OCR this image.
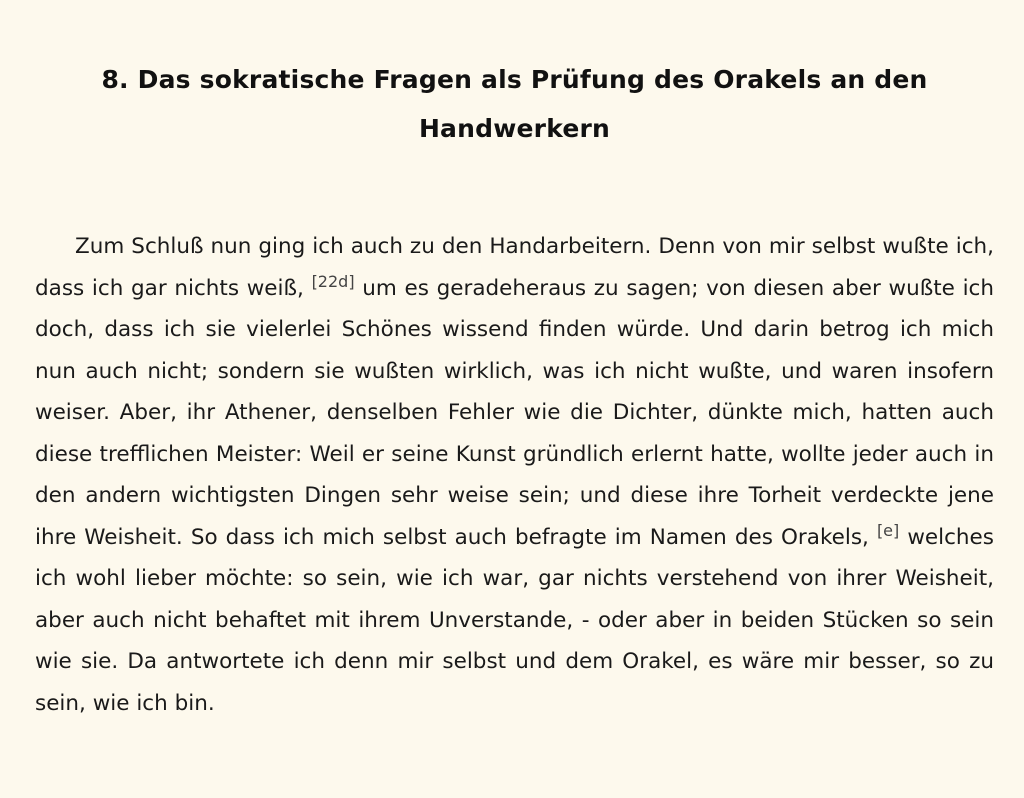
8. Das sokratische Fragen als Prüfung des Orakels an den
Handwerkern

Zum Schluß nun ging ich auch zu den Handarbeitern. Denn von mir selbst wußte ich, dass ich gar nichts weiß, [22d] um es geradeheraus zu sagen; von diesen aber wußte ich doch, dass ich sie vielerlei Schönes wissend finden würde. Und darin betrog ich mich nun auch nicht; sondern sie wußten wirklich, was ich nicht wußte, und waren insofern weiser. Aber, ihr Athener, denselben Fehler wie die Dichter, dünkte mich, hatten auch diese trefflichen Meister: Weil er seine Kunst gründlich erlernt hatte, wollte jeder auch in den andern wichtigsten Dingen sehr weise sein; und diese ihre Torheit verdeckte jene ihre Weisheit. So dass ich mich selbst auch befragte im Namen des Orakels, [e] welches ich wohl lieber möchte: so sein, wie ich war, gar nichts verstehend von ihrer Weisheit, aber auch nicht behaftet mit ihrem Unverstande, - oder aber in beiden Stücken so sein wie sie. Da antwortete ich denn mir selbst und dem Orakel, es wäre mir besser, so zu sein, wie ich bin.
